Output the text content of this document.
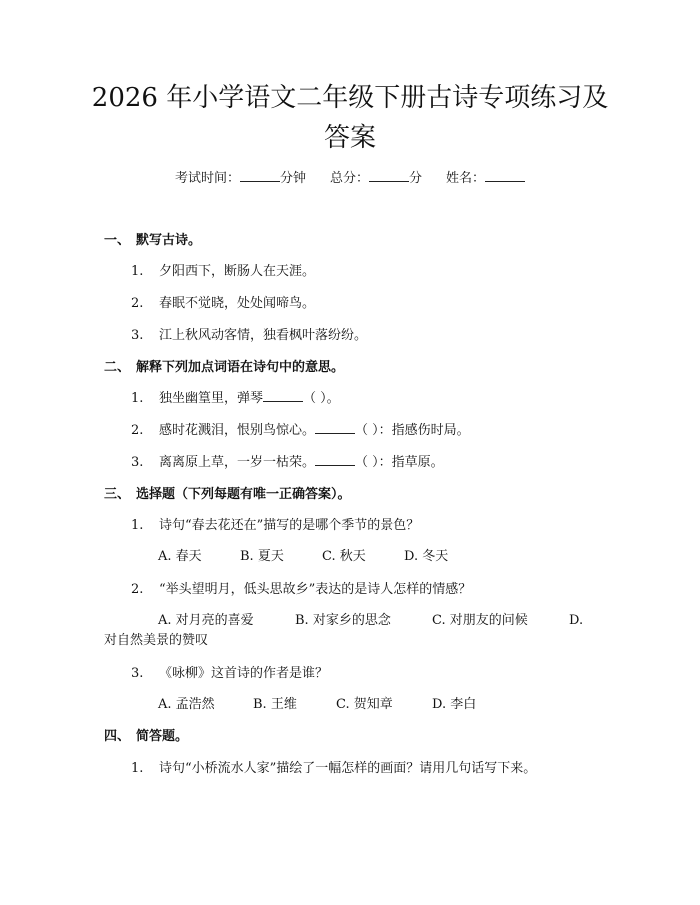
2026 年小学语文二年级下册古诗专项练习及
答案
考试时间：	分钟 总分：	分 姓名：
一、 默写古诗。
1. 夕阳西下，断肠人在天涯。
2. 春眠不觉晓，处处闻啼鸟。
3. 江上秋风动客情，独看枫叶落纷纷。
二、 解释下列加点词语在诗句中的意思。
1. 独坐幽篁里，弹琴	（ ）。
2. 感时花溅泪，恨别鸟惊心。	（ ）：指感伤时局。
3. 离离原上草，一岁一枯荣。	（ ）：指草原。
三、 选择题（下列每题有唯一正确答案）。
1. 诗句“春去花还在”描写的是哪个季节的景色？
A. 春天	B. 夏天	C. 秋天	D. 冬天
2. “举头望明月，低头思故乡”表达的是诗人怎样的情感？
A. 对月亮的喜爱	B. 对家乡的思念	C. 对朋友的问候	D.
对自然美景的赞叹
3. 《咏柳》这首诗的作者是谁？
A. 孟浩然	B. 王维	C. 贺知章	D. 李白
四、 简答题。
1. 诗句“小桥流水人家”描绘了一幅怎样的画面？请用几句话写下来。
